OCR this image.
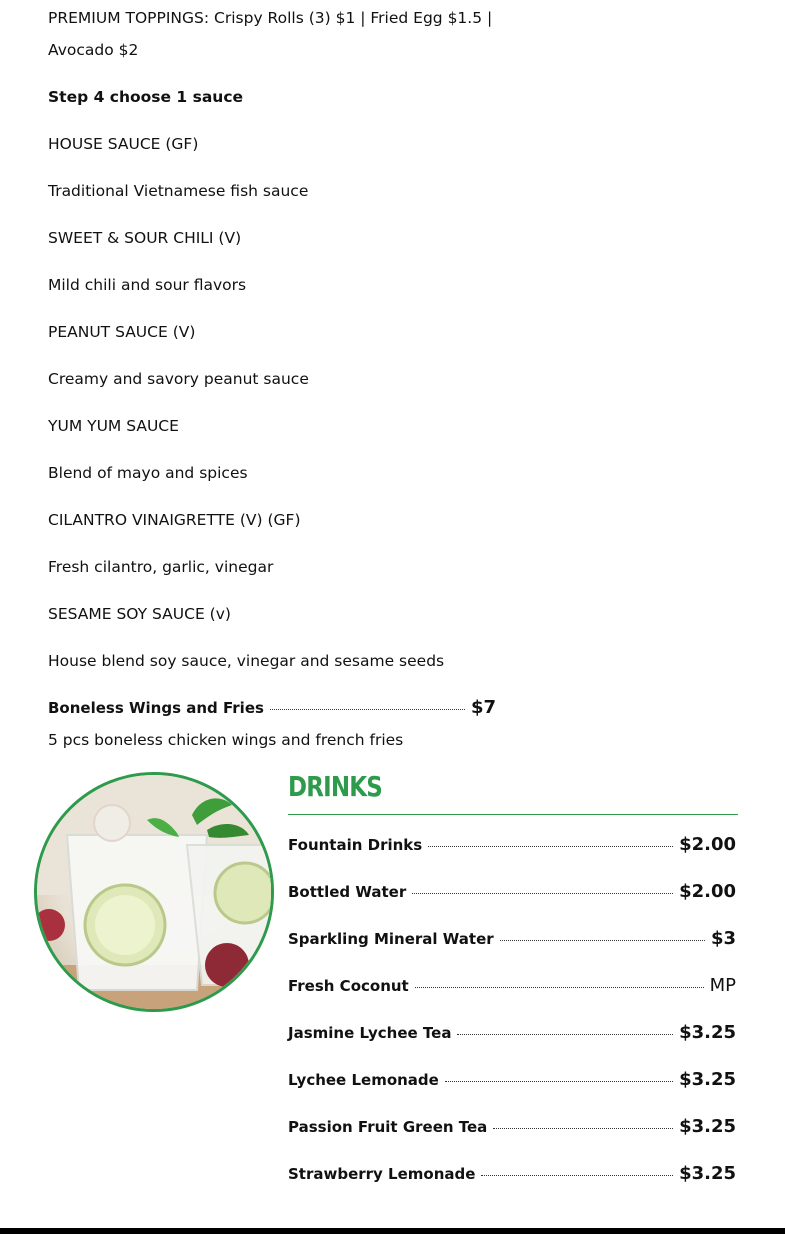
PREMIUM TOPPINGS: Crispy Rolls (3) $1 | Fried Egg $1.5 |
Avocado $2
Step 4 choose 1 sauce
HOUSE SAUCE (GF)
Traditional Vietnamese fish sauce
SWEET & SOUR CHILI (V)
Mild chili and sour flavors
PEANUT SAUCE (V)
Creamy and savory peanut sauce
YUM YUM SAUCE
Blend of mayo and spices
CILANTRO VINAIGRETTE (V) (GF)
Fresh cilantro, garlic, vinegar
SESAME SOY SAUCE (v)
House blend soy sauce, vinegar and sesame seeds
Boneless Wings and Fries	$7
5 pcs boneless chicken wings and french fries
DRINKS
Fountain Drinks	$2.00
Bottled Water	$2.00
Sparkling Mineral Water	$3
Fresh Coconut	MP
Jasmine Lychee Tea	$3.25
Lychee Lemonade	$3.25
Passion Fruit Green Tea	$3.25
Strawberry Lemonade	$3.25
